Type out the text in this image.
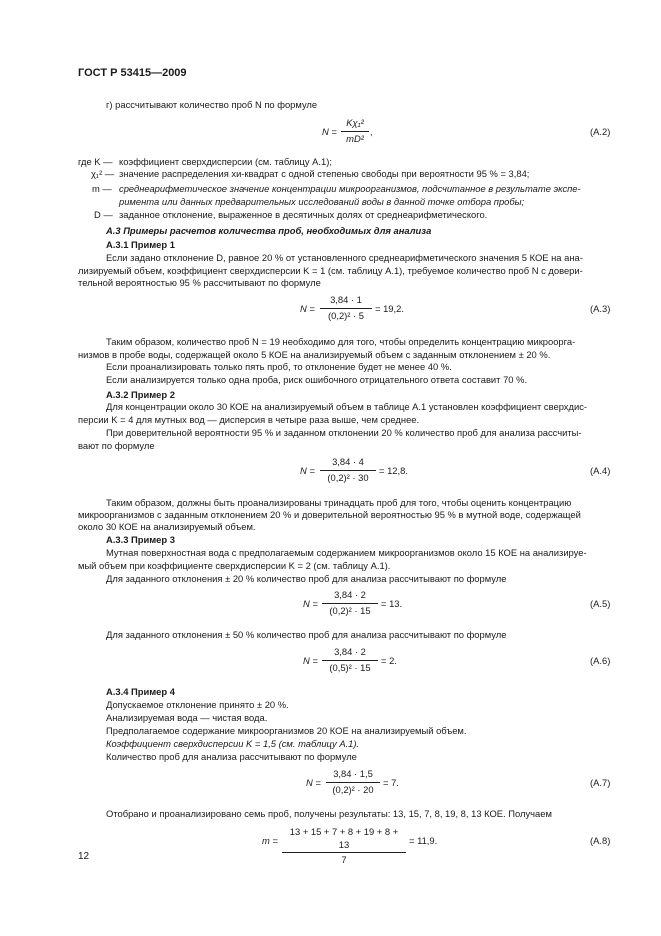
ГОСТ Р 53415—2009
г) рассчитывают количество проб N по формуле
$N = \frac{\text{Kχ₁²}}{\text{mD²}}$ ,	(А.2)
где K — коэффициент сверхдисперсии (см. таблицу А.1);
χ₁² — значение распределения хи-квадрат с одной степенью свободы при вероятности 95 % = 3,84;
m — среднеарифметическое значение концентрации микроорганизмов, подсчитанное в результате экспе-
риментa или данных предварительных исследований воды в данной точке отбора пробы;
D — заданное отклонение, выраженное в десятичных долях от среднеарифметического.
А.3 Примеры расчетов количества проб, необходимых для анализа
А.3.1 Пример 1
Если задано отклонение D, равное 20 % от установленного среднеарифметического значения 5 КОЕ на ана-
лизируемый объем, коэффициент сверхдисперсии K = 1 (см. таблицу А.1), требуемое количество проб N с довери-
тельной вероятностью 95 % рассчитывают по формуле
$N = \frac{3,84 \cdot 1}{\text{(0,2)² · 5}} = 19,2$.	(А.3)
Таким образом, количество проб N = 19 необходимо для того, чтобы определить концентрацию микроорга-
низмов в пробе воды, содержащей около 5 КОЕ на анализируемый объем с заданным отклонением ± 20 %.
Если проанализировать только пять проб, то отклонение будет не менее 40 %.
Если анализируется только одна проба, риск ошибочного отрицательного ответа составит 70 %.
А.3.2 Пример 2
Для концентрации около 30 КОЕ на анализируемый объем в таблице А.1 установлен коэффициент сверхдис-
персии K = 4 для мутных вод — дисперсия в четыре раза выше, чем среднее.
При доверительной вероятности 95 % и заданном отклонении 20 % количество проб для анализа рассчиты-
вают по формуле
$N = \frac{3,84 \cdot 4}{\text{(0,2)² · 30}} = 12,8$.	(А.4)
Таким образом, должны быть проанализированы тринадцать проб для того, чтобы оценить концентрацию
микроорганизмов с заданным отклонением 20 % и доверительной вероятностью 95 % в мутной воде, содержащей
около 30 КОЕ на анализируемый объем.
А.3.3 Пример 3
Мутная поверхностная вода с предполагаемым содержанием микроорганизмов около 15 КОЕ на анализируе-
мый объем при коэффициенте сверхдисперсии K = 2 (см. таблицу А.1).
Для заданного отклонения ± 20 % количество проб для анализа рассчитывают по формуле
$N = \frac{3,84 \cdot 2}{\text{(0,2)² · 15}} = 13$.	(А.5)
Для заданного отклонения ± 50 % количество проб для анализа рассчитывают по формуле
$N = \frac{3,84 \cdot 2}{\text{(0,5)² · 15}} = 2$.	(А.6)
А.3.4 Пример 4
Допускаемое отклонение принято ± 20 %.
Анализируемая вода — чистая вода.
Предполагаемое содержание микроорганизмов 20 КОЕ на анализируемый объем.
Коэффициент сверхдисперсии K = 1,5 (см. таблицу А.1).
Количество проб для анализа рассчитывают по формуле
$N = \frac{3,84 \cdot 1,5}{\text{(0,2)² · 20}} = 7$.	(А.7)
Отобрано и проанализировано семь проб, получены результаты: 13, 15, 7, 8, 19, 8, 13 КОЕ. Получаем
$m = \frac{13 + 15 + 7 + 8 + 19 + 8 + 13}{7} = 11,9$.	(А.8)
12
